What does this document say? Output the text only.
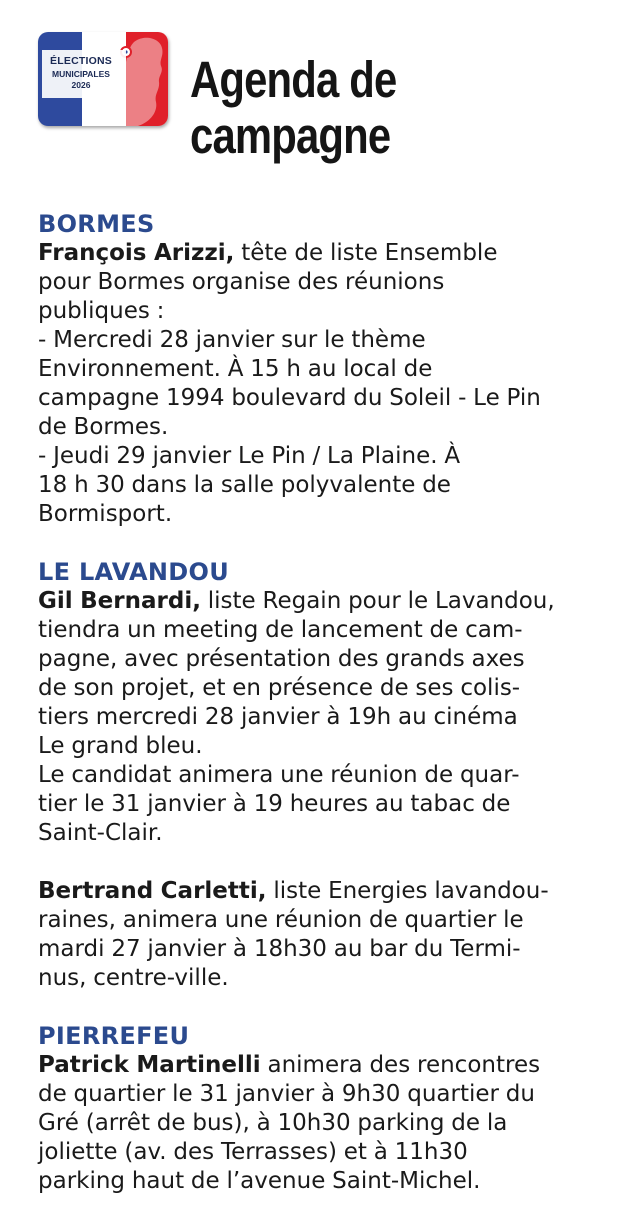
ÉLECTIONS
MUNICIPALES
2026	Agenda de
campagne
BORMES

François Arizzi, tête de liste Ensemble
pour Bormes organise des réunions
publiques :
- Mercredi 28 janvier sur le thème
Environnement. À 15 h au local de
campagne 1994 boulevard du Soleil - Le Pin
de Bormes.
- Jeudi 29 janvier Le Pin / La Plaine. À
18 h 30 dans la salle polyvalente de
Bormisport.

LE LAVANDOU

Gil Bernardi, liste Regain pour le Lavandou,
tiendra un meeting de lancement de cam-
pagne, avec présentation des grands axes
de son projet, et en présence de ses colis-
tiers mercredi 28 janvier à 19h au cinéma
Le grand bleu.
Le candidat animera une réunion de quar-
tier le 31 janvier à 19 heures au tabac de
Saint-Clair.

Bertrand Carletti, liste Energies lavandou-
raines, animera une réunion de quartier le
mardi 27 janvier à 18h30 au bar du Termi-
nus, centre-ville.

PIERREFEU

Patrick Martinelli animera des rencontres
de quartier le 31 janvier à 9h30 quartier du
Gré (arrêt de bus), à 10h30 parking de la
joliette (av. des Terrasses) et à 11h30
parking haut de l’avenue Saint-Michel.
